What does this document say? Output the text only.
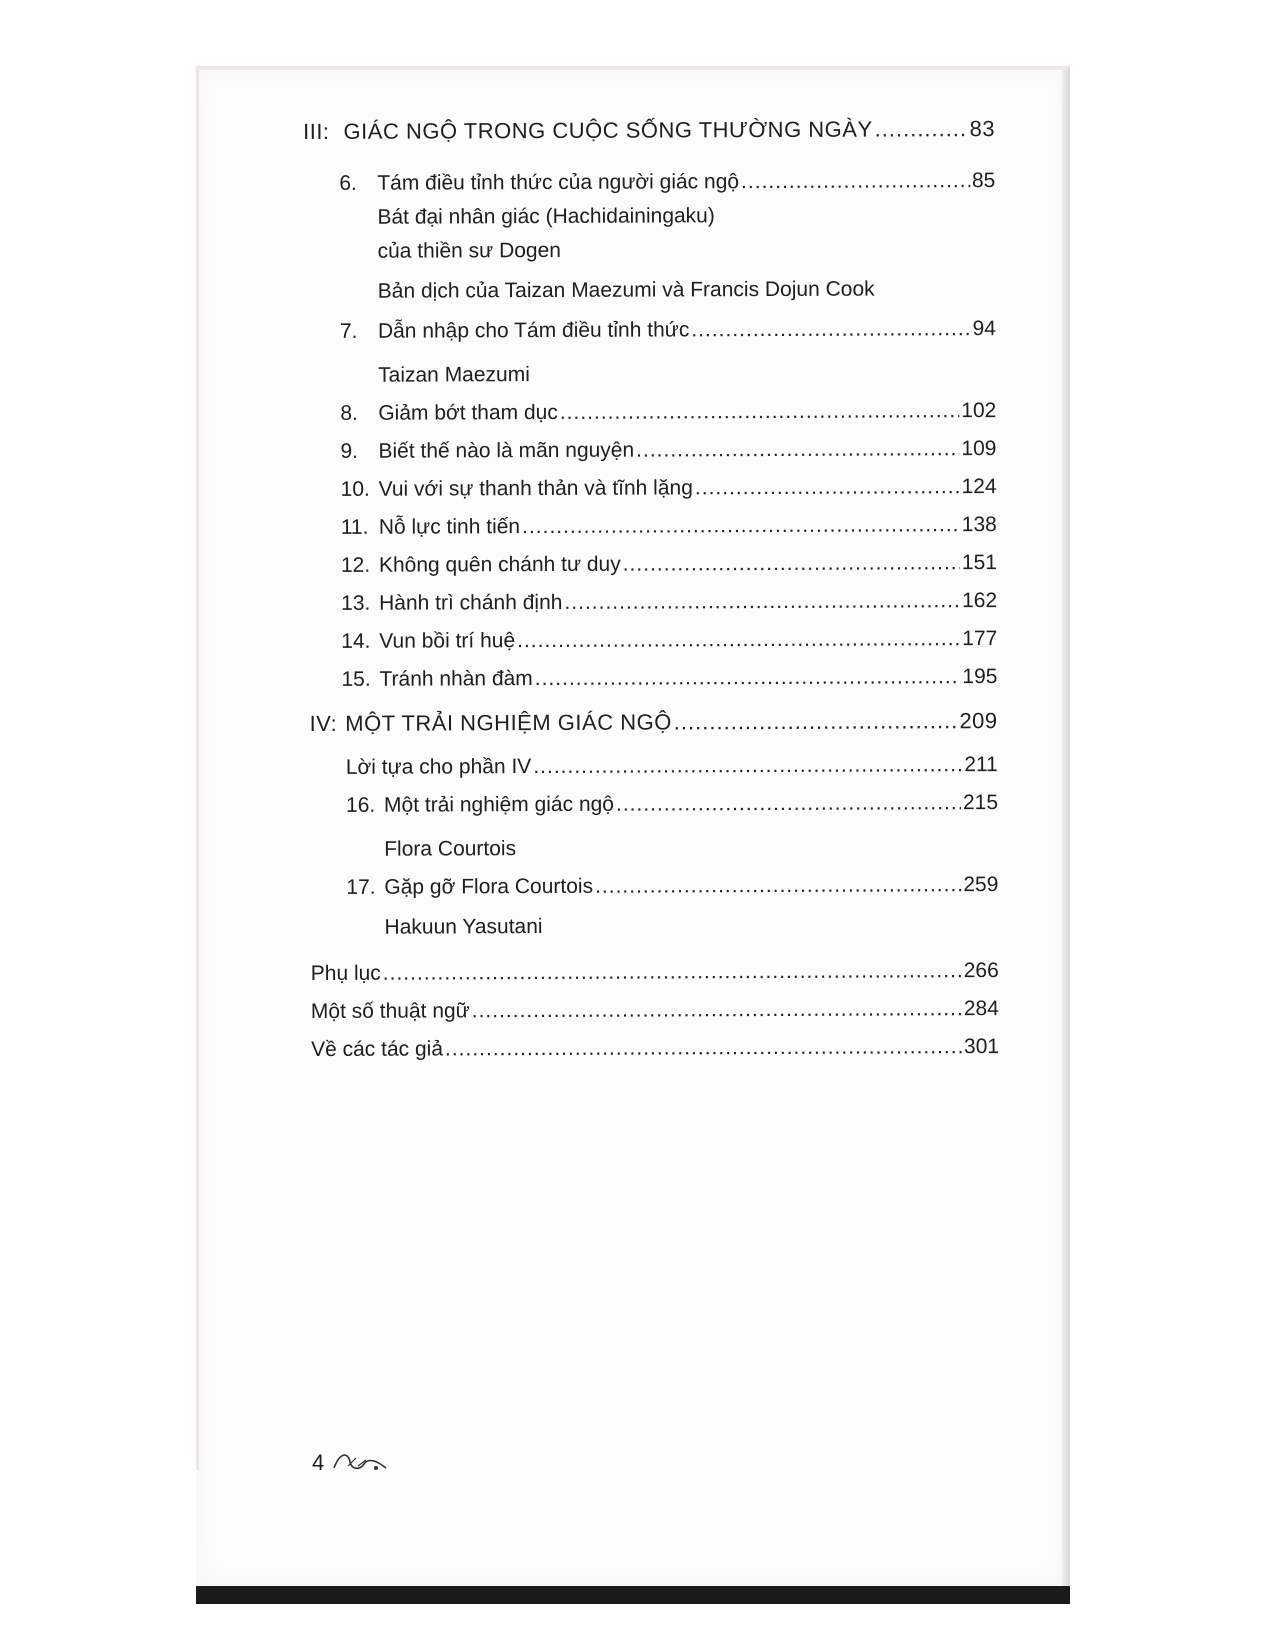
III: GIÁC NGỘ TRONG CUỘC SỐNG THƯỜNG NGÀY .....	83
6. Tám điều tỉnh thức của người giác ngộ .....	85
Bát đại nhân giác (Hachidainingaku)
của thiền sư Dogen
Bản dịch của Taizan Maezumi và Francis Dojun Cook
7. Dẫn nhập cho Tám điều tỉnh thức .....	94
Taizan Maezumi
8. Giảm bớt tham dục .....	102
9. Biết thế nào là mãn nguyện .....	109
10. Vui với sự thanh thản và tĩnh lặng .....	124
11. Nỗ lực tinh tiến .....	138
12. Không quên chánh tư duy .....	151
13. Hành trì chánh định .....	162
14. Vun bồi trí huệ .....	177
15. Tránh nhàn đàm .....	195
IV: MỘT TRẢI NGHIỆM GIÁC NGỘ .....	209
Lời tựa cho phần IV .....	211
16. Một trải nghiệm giác ngộ .....	215
Flora Courtois
17. Gặp gỡ Flora Courtois .....	259
Hakuun Yasutani
Phụ lục .....	266
Một số thuật ngữ .....	284
Về các tác giả .....	301
4
